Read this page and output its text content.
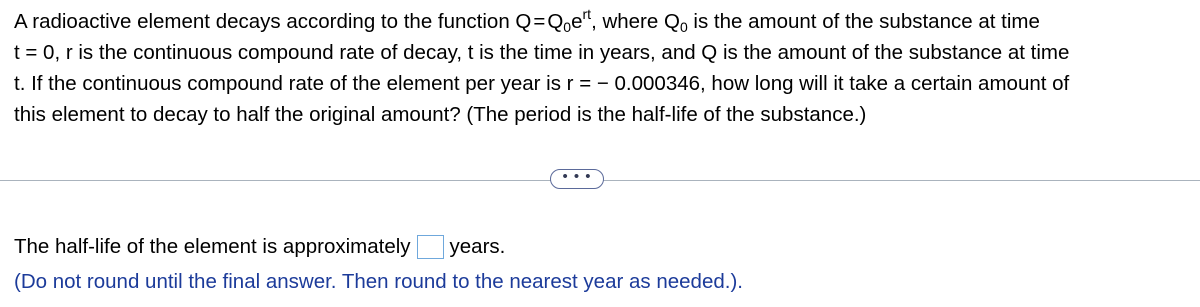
A radioactive element decays according to the function $Q=Q_0e^{rt}$, where $Q_0$ is the amount of the substance at time
t = 0, r is the continuous compound rate of decay, t is the time in years, and Q is the amount of the substance at time
t. If the continuous compound rate of the element per year is r = − 0.000346, how long will it take a certain amount of
this element to decay to half the original amount? (The period is the half-life of the substance.)
• • •
The half-life of the element is approximately years.
(Do not round until the final answer. Then round to the nearest year as needed.).
